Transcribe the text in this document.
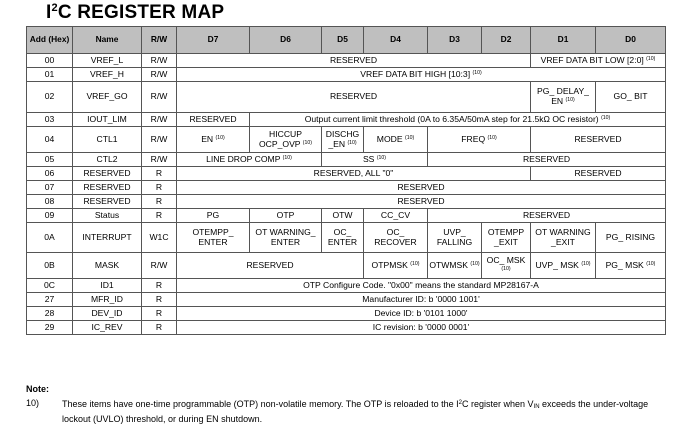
$I^2C$ REGISTER MAP
Add (Hex)	Name	R/W	D7	D6	D5	D4	D3	D2	D1	D0
00	VREF_L	R/W	RESERVED						VREF DATA BIT LOW [2:0] $^{(10)}$
01	VREF_H	R/W	VREF DATA BIT HIGH [10:3] $^{(10)}$
02	VREF_GO	R/W	RESERVED						PG_ DELAY_ EN $^{(10)}$	GO_ BIT
03	IOUT_LIM	R/W	RESERVED	Output current limit threshold (0A to 6.35A/50mA step for 21.5kΩ OC resistor) $^{(10)}$
04	CTL1	R/W	EN $^{(10)}$	HICCUP OCP_OVP $^{(10)}$	DISCHG _EN $^{(10)}$	MODE $^{(10)}$	FREQ $^{(10)}$		RESERVED	
05	CTL2	R/W	LINE DROP COMP $^{(10)}$		SS $^{(10)}$		RESERVED			
06	RESERVED	R	RESERVED, ALL "0"						RESERVED	
07	RESERVED	R	RESERVED							
08	RESERVED	R	RESERVED							
09	Status	R	PG	OTP	OTW	CC_CV	RESERVED			
0A	INTERRUPT	W1C	OTEMPP_ ENTER	OT WARNING_ ENTER	OC_ ENTER	OC_ RECOVER	UVP_ FALLING	OTEMPP _EXIT	OT WARNING _EXIT	PG_ RISING
0B	MASK	R/W	RESERVED			OTPMSK $^{(10)}$	OTWMSK $^{(10)}$	OC_ MSK $^{(10)}$	UVP_ MSK $^{(10)}$	PG_ MSK $^{(10)}$
0C	ID1	R	OTP Configure Code. "0x00" means the standard MP28167-A							
27	MFR_ID	R	Manufacturer ID: b '0000 1001'							
28	DEV_ID	R	Device ID: b '0101 1000'							
29	IC_REV	R	IC revision: b '0000 0001'							
Note:
10)	These items have one-time programmable (OTP) non-volatile memory. The OTP is reloaded to the $I^2C$ register when $V_{IN}$ exceeds the under-voltage lockout (UVLO) threshold, or during EN shutdown.
